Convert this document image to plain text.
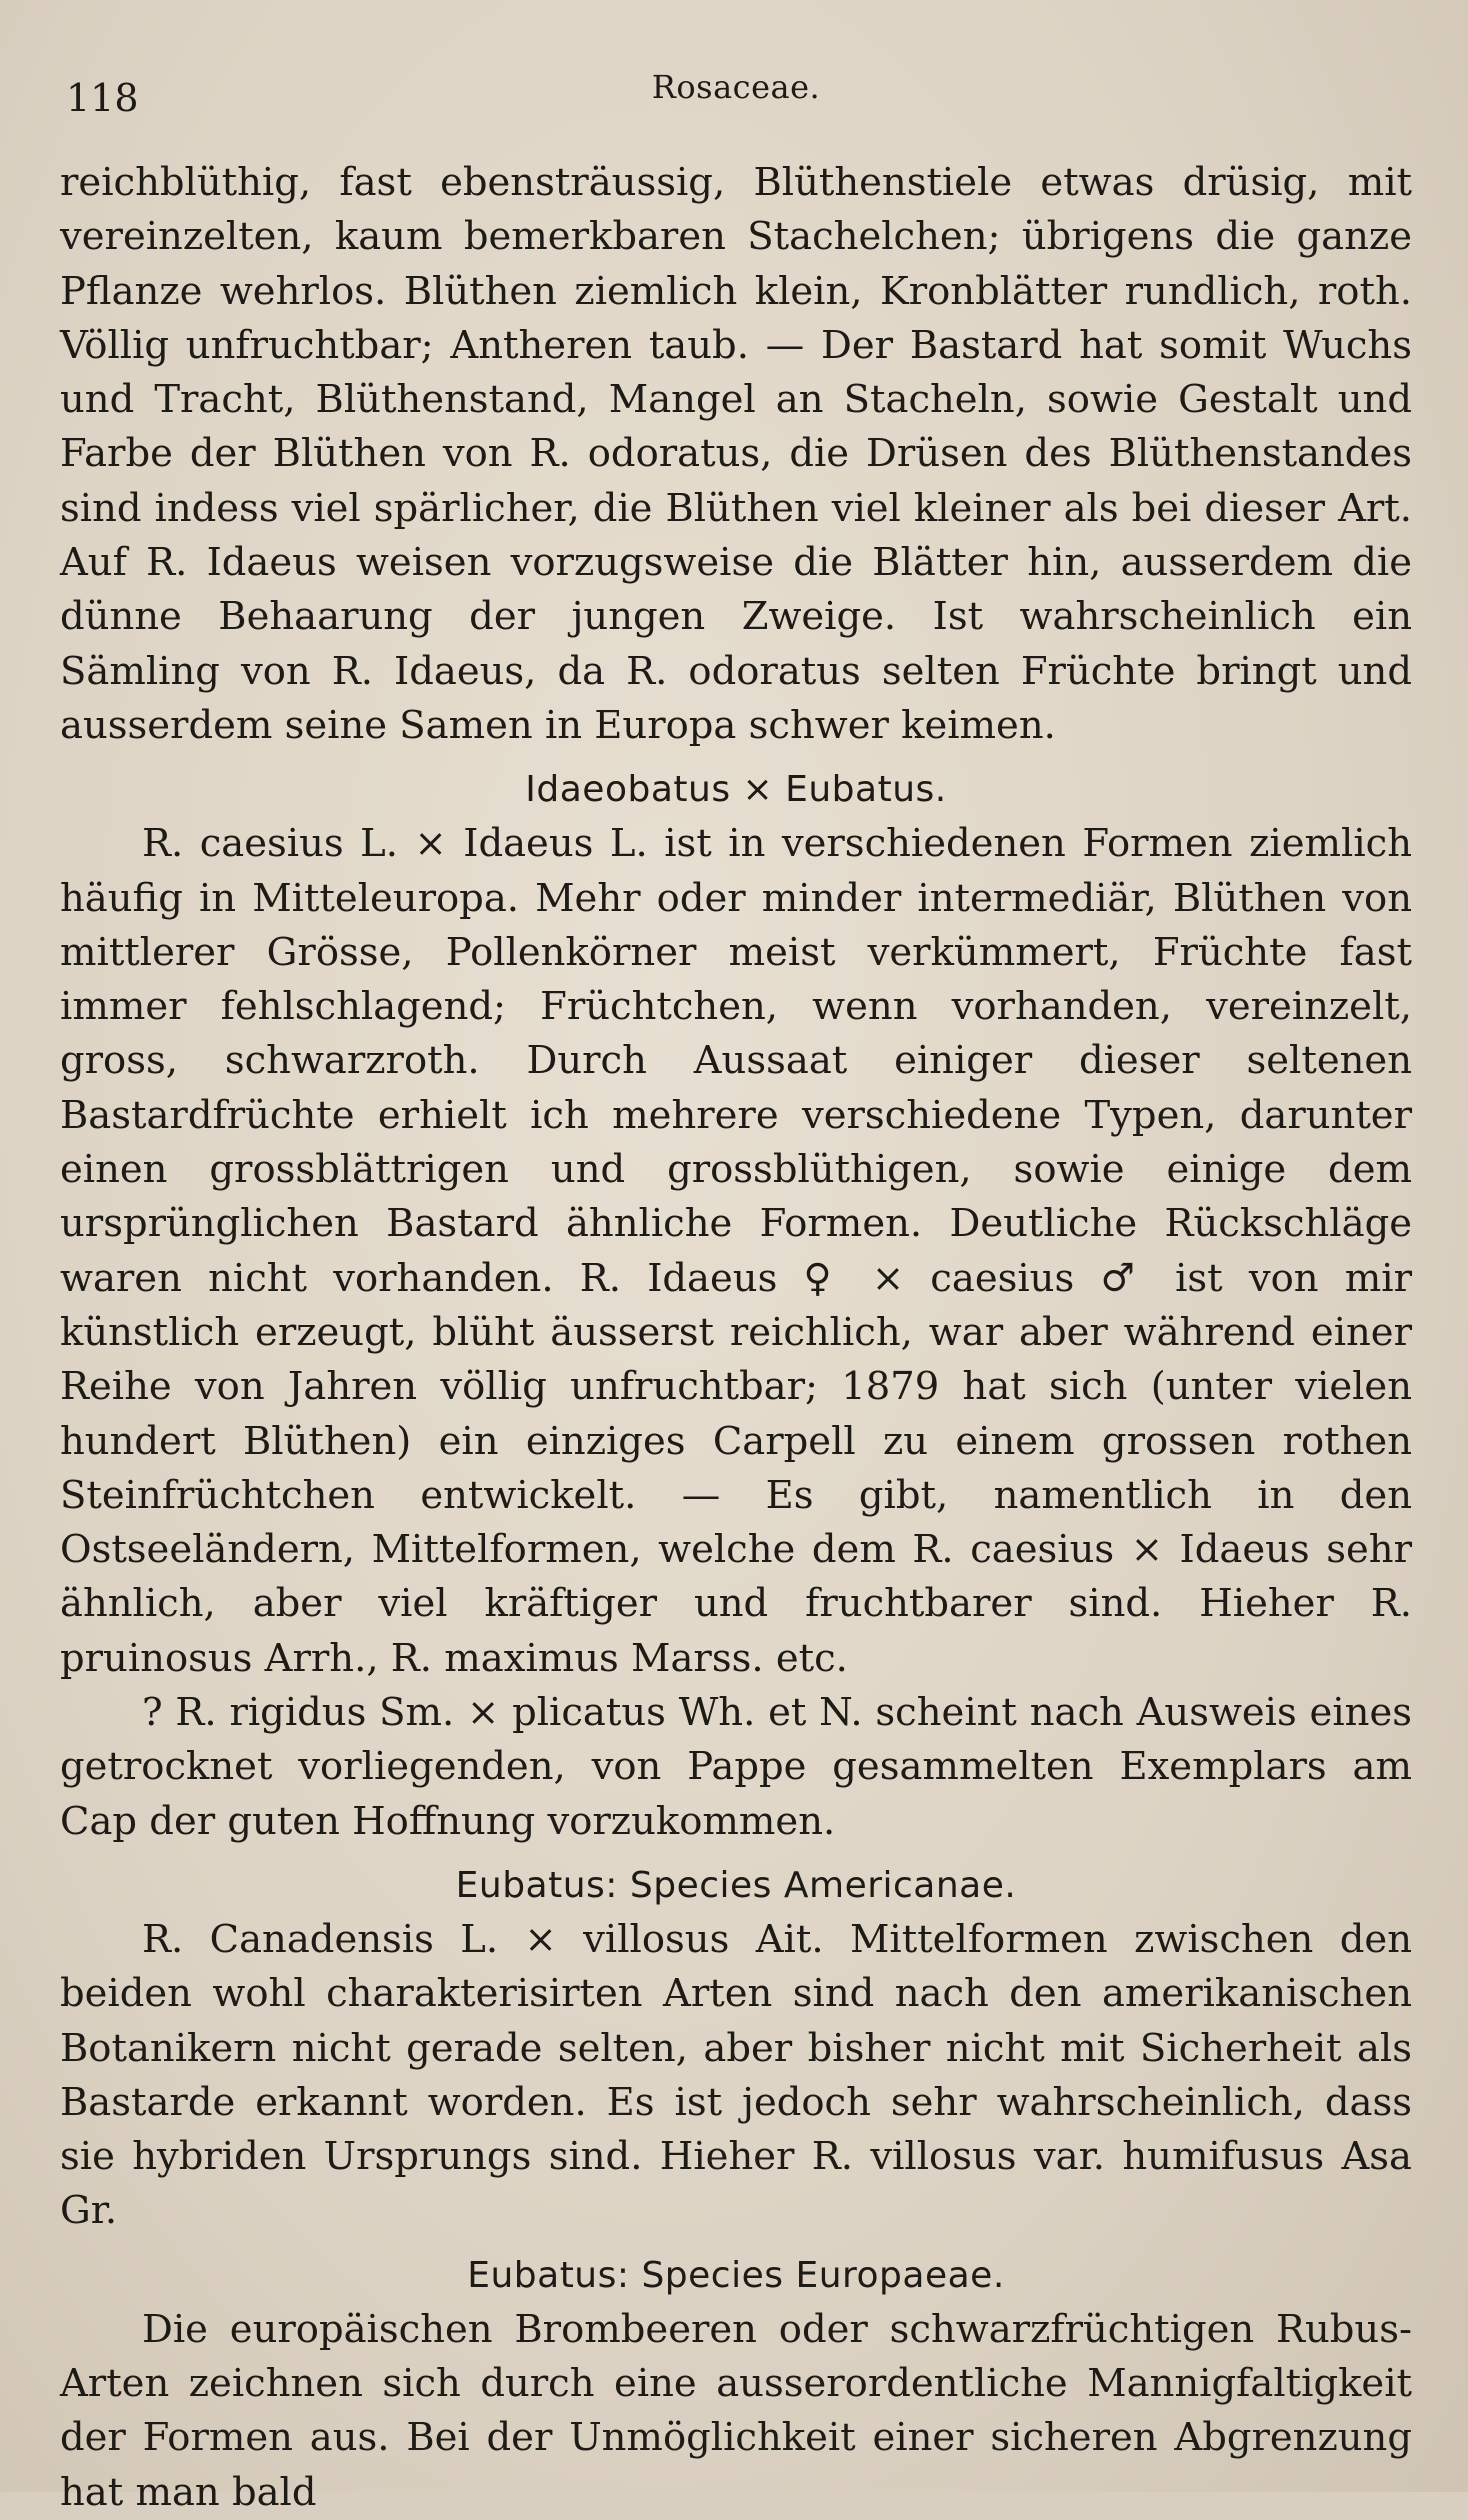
118	Rosaceae.

reichblüthig, fast ebensträussig, Blüthenstiele etwas drüsig, mit vereinzelten, kaum bemerkbaren Stachelchen; übrigens die ganze Pflanze wehrlos. Blüthen ziemlich klein, Kronblätter rundlich, roth. Völlig unfruchtbar; Antheren taub. — Der Bastard hat somit Wuchs und Tracht, Blüthenstand, Mangel an Stacheln, sowie Gestalt und Farbe der Blüthen von R. odoratus, die Drüsen des Blüthenstandes sind indess viel spärlicher, die Blüthen viel kleiner als bei dieser Art. Auf R. Idaeus weisen vorzugsweise die Blätter hin, ausserdem die dünne Behaarung der jungen Zweige. Ist wahrscheinlich ein Sämling von R. Idaeus, da R. odoratus selten Früchte bringt und ausserdem seine Samen in Europa schwer keimen.

Idaeobatus × Eubatus.

R. caesius L. × Idaeus L. ist in verschiedenen Formen ziemlich häufig in Mitteleuropa. Mehr oder minder intermediär, Blüthen von mittlerer Grösse, Pollenkörner meist verkümmert, Früchte fast immer fehlschlagend; Früchtchen, wenn vorhanden, vereinzelt, gross, schwarzroth. Durch Aussaat einiger dieser seltenen Bastardfrüchte erhielt ich mehrere verschiedene Typen, darunter einen grossblättrigen und grossblüthigen, sowie einige dem ursprünglichen Bastard ähnliche Formen. Deutliche Rückschläge waren nicht vorhanden. R. Idaeus ♀ × caesius ♂ ist von mir künstlich erzeugt, blüht äusserst reichlich, war aber während einer Reihe von Jahren völlig unfruchtbar; 1879 hat sich (unter vielen hundert Blüthen) ein einziges Carpell zu einem grossen rothen Steinfrüchtchen entwickelt. — Es gibt, namentlich in den Ostseeländern, Mittelformen, welche dem R. caesius × Idaeus sehr ähnlich, aber viel kräftiger und fruchtbarer sind. Hieher R. pruinosus Arrh., R. maximus Marss. etc.

? R. rigidus Sm. × plicatus Wh. et N. scheint nach Ausweis eines getrocknet vorliegenden, von Pappe gesammelten Exemplars am Cap der guten Hoffnung vorzukommen.

Eubatus: Species Americanae.

R. Canadensis L. × villosus Ait. Mittelformen zwischen den beiden wohl charakterisirten Arten sind nach den amerikanischen Botanikern nicht gerade selten, aber bisher nicht mit Sicherheit als Bastarde erkannt worden. Es ist jedoch sehr wahrscheinlich, dass sie hybriden Ursprungs sind. Hieher R. villosus var. humifusus Asa Gr.

Eubatus: Species Europaeae.

Die europäischen Brombeeren oder schwarzfrüchtigen Rubus-Arten zeichnen sich durch eine ausserordentliche Mannigfaltigkeit der Formen aus. Bei der Unmöglichkeit einer sicheren Abgrenzung hat man bald
